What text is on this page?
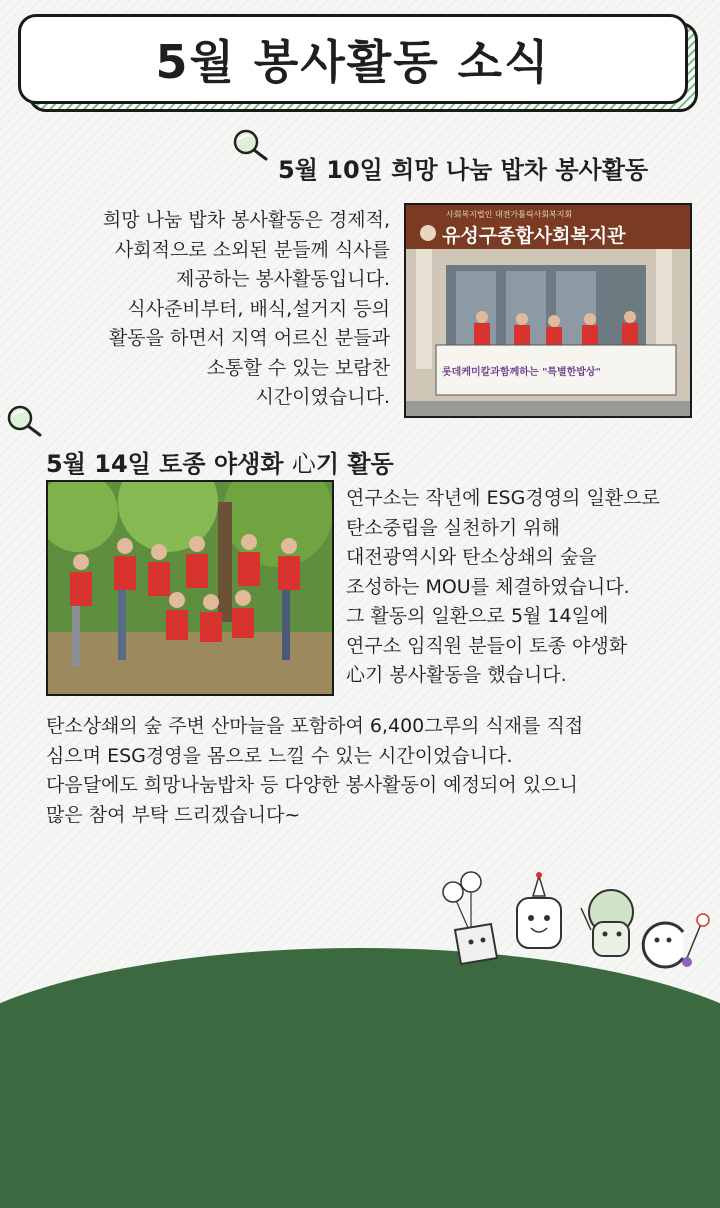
5월 봉사활동 소식
5월 10일 희망 나눔 밥차 봉사활동
희망 나눔 밥차 봉사활동은 경제적,
사회적으로 소외된 분들께 식사를
제공하는 봉사활동입니다.
식사준비부터, 배식,설거지 등의
활동을 하면서 지역 어르신 분들과
소통할 수 있는 보람찬
시간이였습니다.
사회복지법인 대전가톨릭사회복지회
유성구종합사회복지관
롯데케미칼과함께하는 "특별한밥상"
5월 14일 토종 야생화 心기 활동
연구소는 작년에 ESG경영의 일환으로
탄소중립을 실천하기 위해
대전광역시와 탄소상쇄의 숲을
조성하는 MOU를 체결하였습니다.
그 활동의 일환으로 5월 14일에
연구소 임직원 분들이 토종 야생화
心기 봉사활동을 했습니다.
탄소상쇄의 숲 주변 산마늘을 포함하여 6,400그루의 식재를 직접
심으며 ESG경영을 몸으로 느낄 수 있는 시간이었습니다.
다음달에도 희망나눔밥차 등 다양한 봉사활동이 예정되어 있으니
많은 참여 부탁 드리겠습니다~
